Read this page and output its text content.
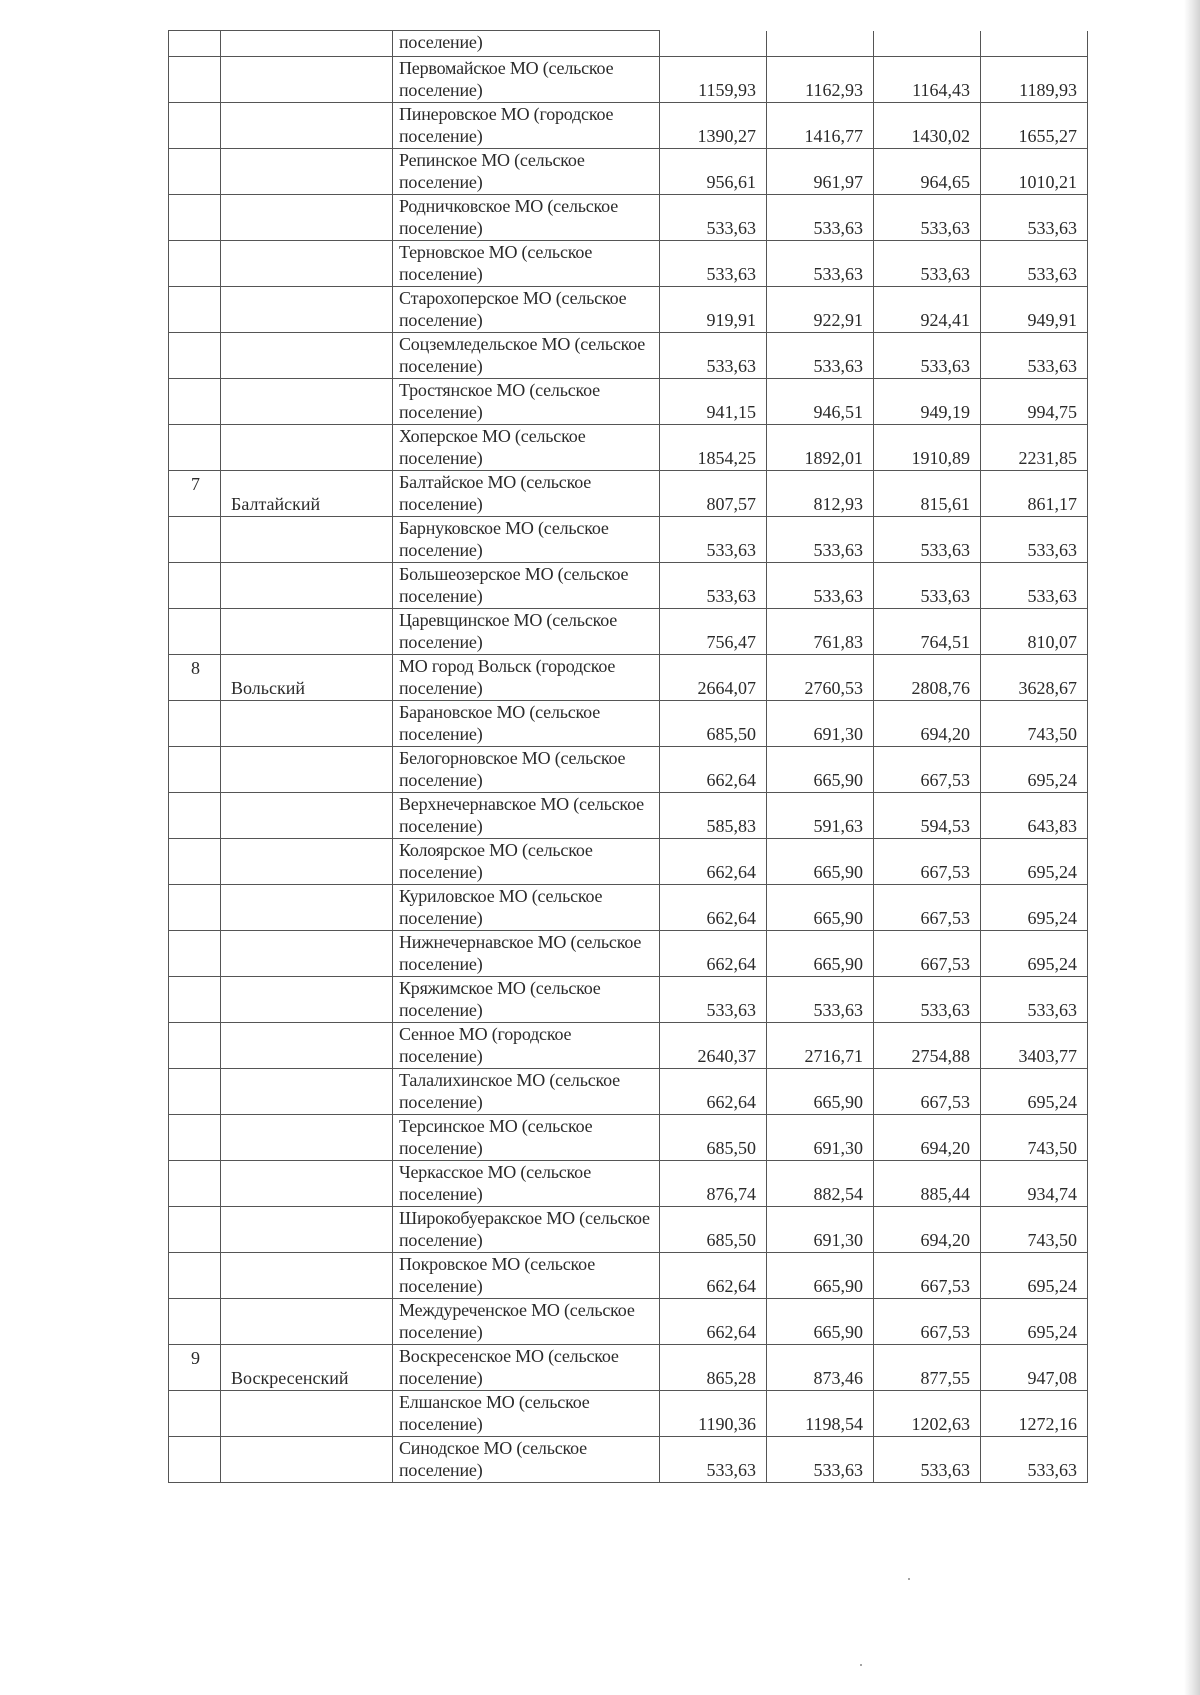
		поселение)				
		Первомайское МО (сельское поселение)	1159,93	1162,93	1164,43	1189,93
		Пинеровское МО (городское поселение)	1390,27	1416,77	1430,02	1655,27
		Репинское МО (сельское поселение)	956,61	961,97	964,65	1010,21
		Родничковское МО (сельское поселение)	533,63	533,63	533,63	533,63
		Терновское МО (сельское поселение)	533,63	533,63	533,63	533,63
		Старохоперское МО (сельское поселение)	919,91	922,91	924,41	949,91
		Соцземледельское МО (сельское поселение)	533,63	533,63	533,63	533,63
		Тростянское МО (сельское поселение)	941,15	946,51	949,19	994,75
		Хоперское МО (сельское поселение)	1854,25	1892,01	1910,89	2231,85
7	Балтайский	Балтайское МО (сельское поселение)	807,57	812,93	815,61	861,17
		Барнуковское МО (сельское поселение)	533,63	533,63	533,63	533,63
		Большеозерское МО (сельское поселение)	533,63	533,63	533,63	533,63
		Царевщинское МО (сельское поселение)	756,47	761,83	764,51	810,07
8	Вольский	МО город Вольск (городское поселение)	2664,07	2760,53	2808,76	3628,67
		Барановское МО (сельское поселение)	685,50	691,30	694,20	743,50
		Белогорновское МО (сельское поселение)	662,64	665,90	667,53	695,24
		Верхнечернавское МО (сельское поселение)	585,83	591,63	594,53	643,83
		Колоярское МО (сельское поселение)	662,64	665,90	667,53	695,24
		Куриловское МО (сельское поселение)	662,64	665,90	667,53	695,24
		Нижнечернавское МО (сельское поселение)	662,64	665,90	667,53	695,24
		Кряжимское МО (сельское поселение)	533,63	533,63	533,63	533,63
		Сенное МО (городское поселение)	2640,37	2716,71	2754,88	3403,77
		Талалихинское МО (сельское поселение)	662,64	665,90	667,53	695,24
		Терсинское МО (сельское поселение)	685,50	691,30	694,20	743,50
		Черкасское МО (сельское поселение)	876,74	882,54	885,44	934,74
		Широкобуеракское МО (сельское поселение)	685,50	691,30	694,20	743,50
		Покровское МО (сельское поселение)	662,64	665,90	667,53	695,24
		Междуреченское МО (сельское поселение)	662,64	665,90	667,53	695,24
9	Воскресенский	Воскресенское МО (сельское поселение)	865,28	873,46	877,55	947,08
		Елшанское МО (сельское поселение)	1190,36	1198,54	1202,63	1272,16
		Синодское МО (сельское поселение)	533,63	533,63	533,63	533,63
